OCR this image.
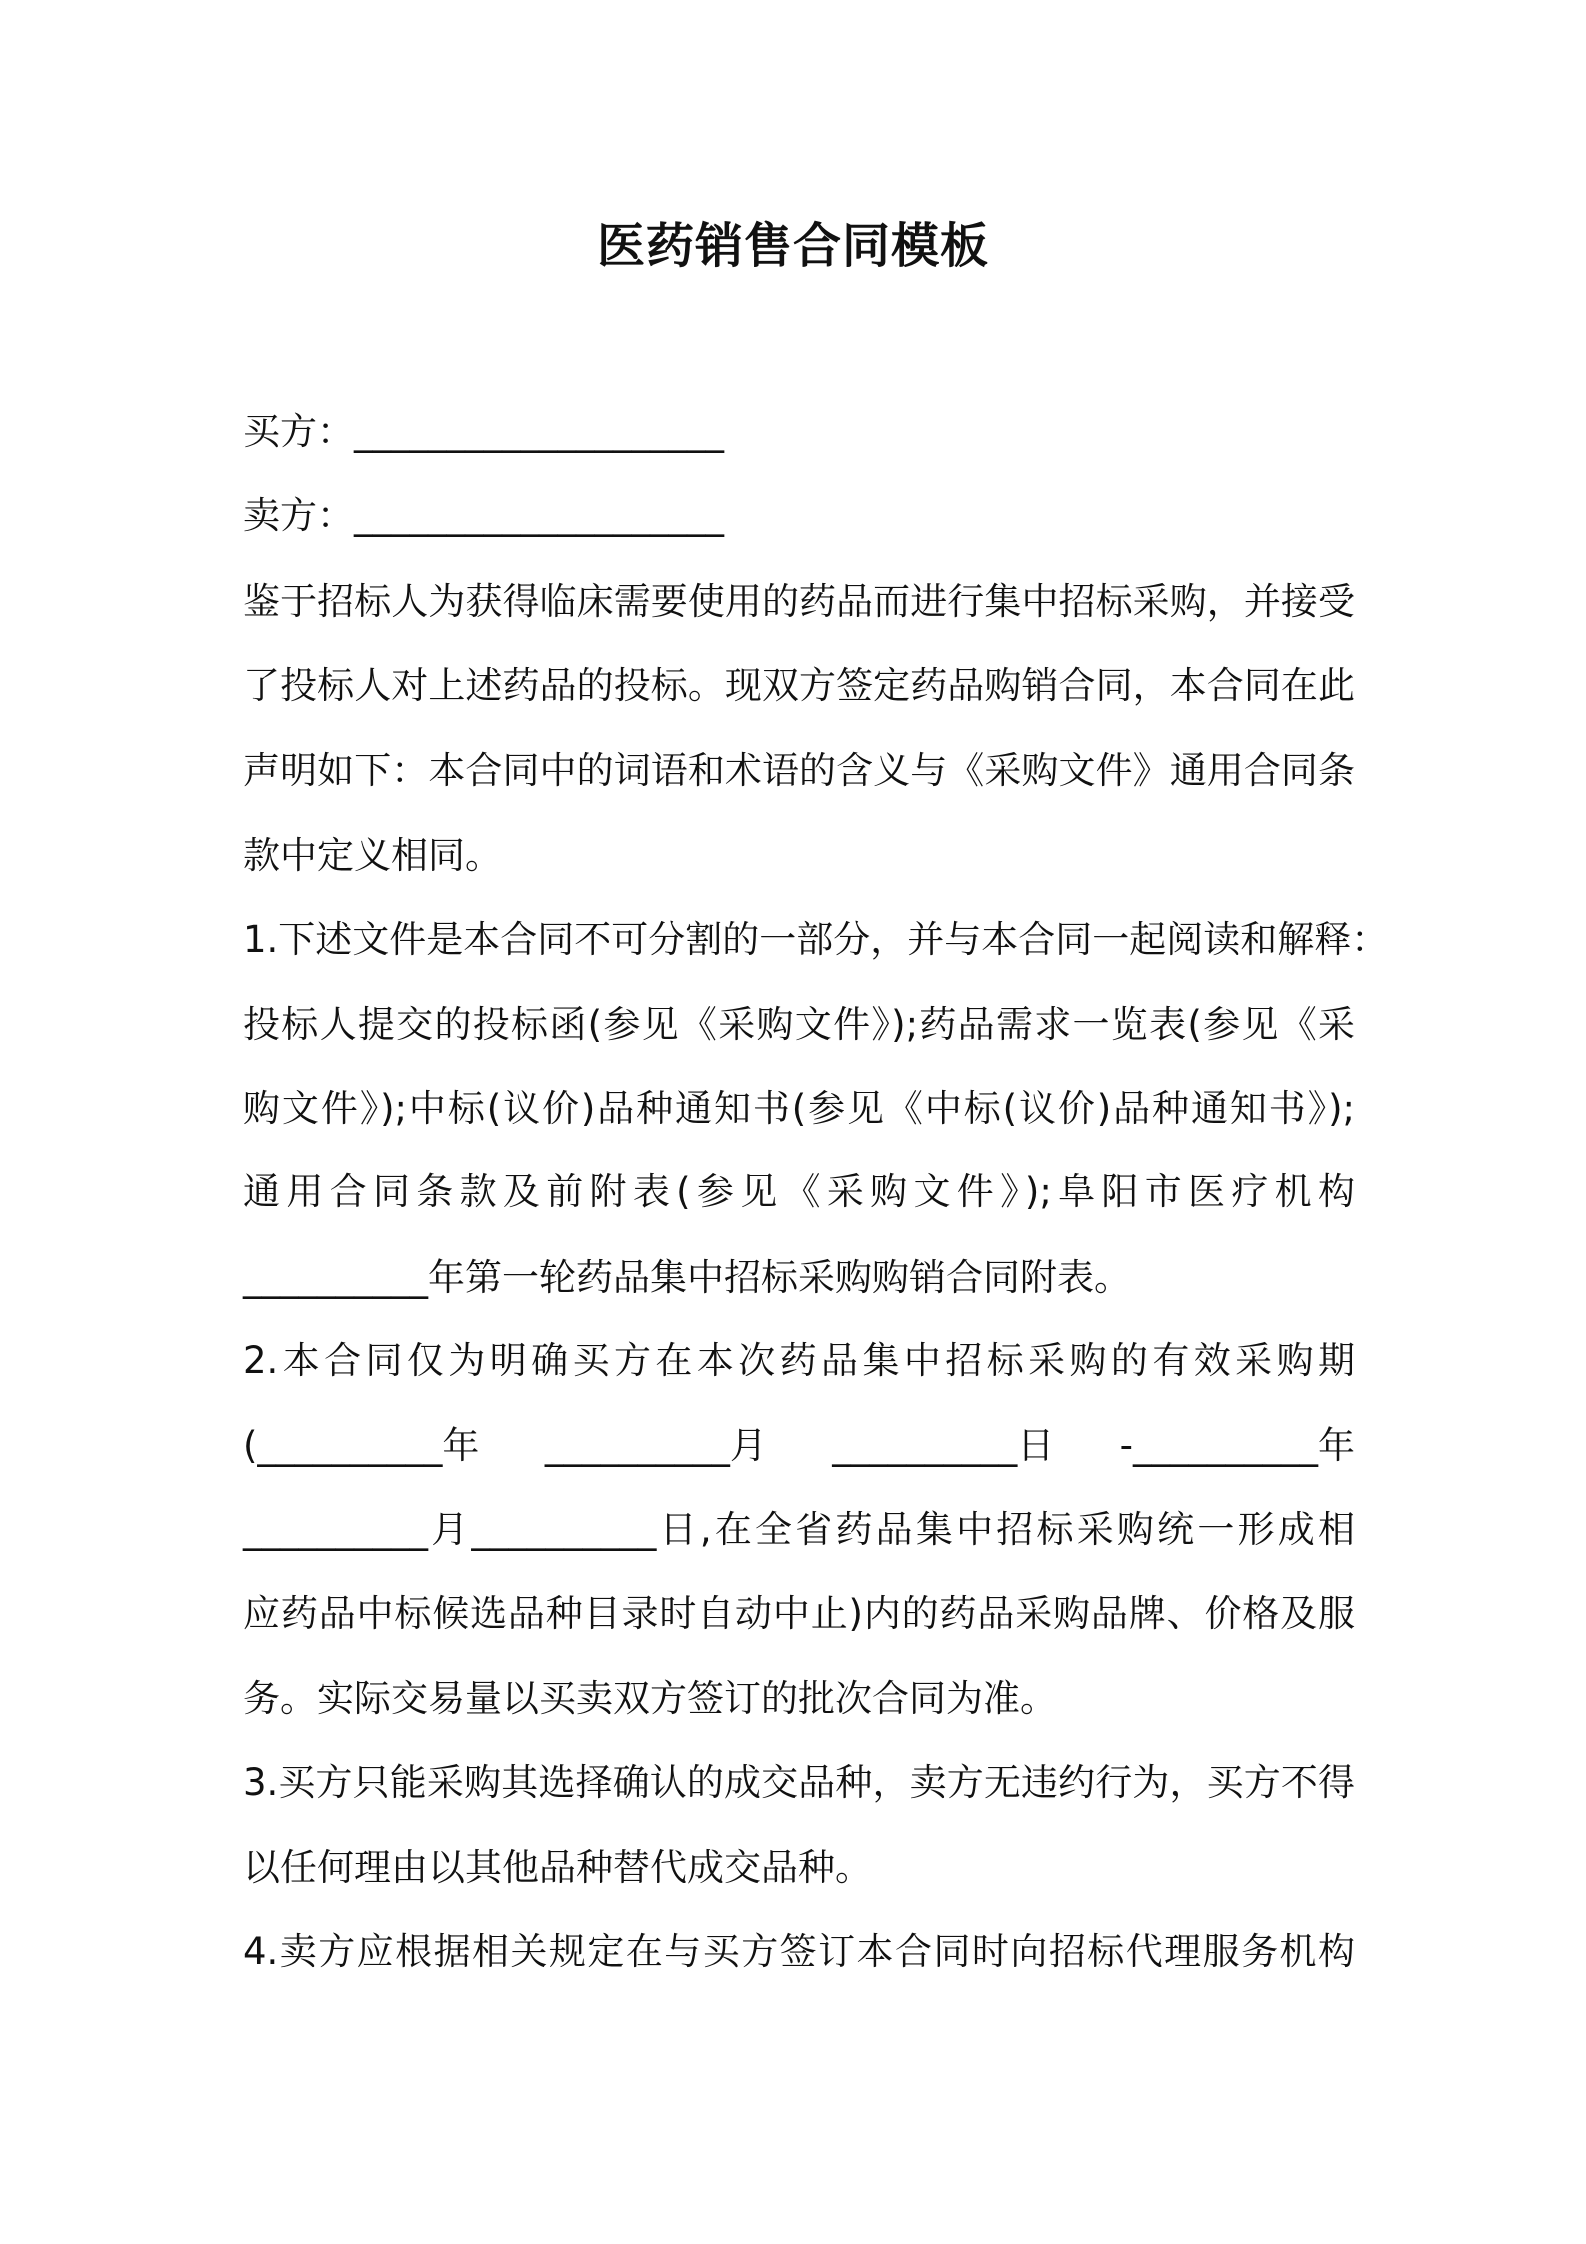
医药销售合同模板
买方：____________________
卖方：____________________
鉴于招标人为获得临床需要使用的药品而进行集中招标采购，并接受
了投标人对上述药品的投标。现双方签定药品购销合同，本合同在此
声明如下：本合同中的词语和术语的含义与《采购文件》通用合同条
款中定义相同。
1.下述文件是本合同不可分割的一部分，并与本合同一起阅读和解释：
投标人提交的投标函(参见《采购文件》);药品需求一览表(参见《采
购文件》);中标(议价)品种通知书(参见《中标(议价)品种通知书》);
通用合同条款及前附表(参见《采购文件》);阜阳市医疗机构
__________年第一轮药品集中招标采购购销合同附表。
2.本合同仅为明确买方在本次药品集中招标采购的有效采购期
(__________年 __________月 __________日 -__________年
__________月__________日,在全省药品集中招标采购统一形成相
应药品中标候选品种目录时自动中止)内的药品采购品牌、价格及服
务。实际交易量以买卖双方签订的批次合同为准。
3.买方只能采购其选择确认的成交品种，卖方无违约行为，买方不得
以任何理由以其他品种替代成交品种。
4.卖方应根据相关规定在与买方签订本合同时向招标代理服务机构
